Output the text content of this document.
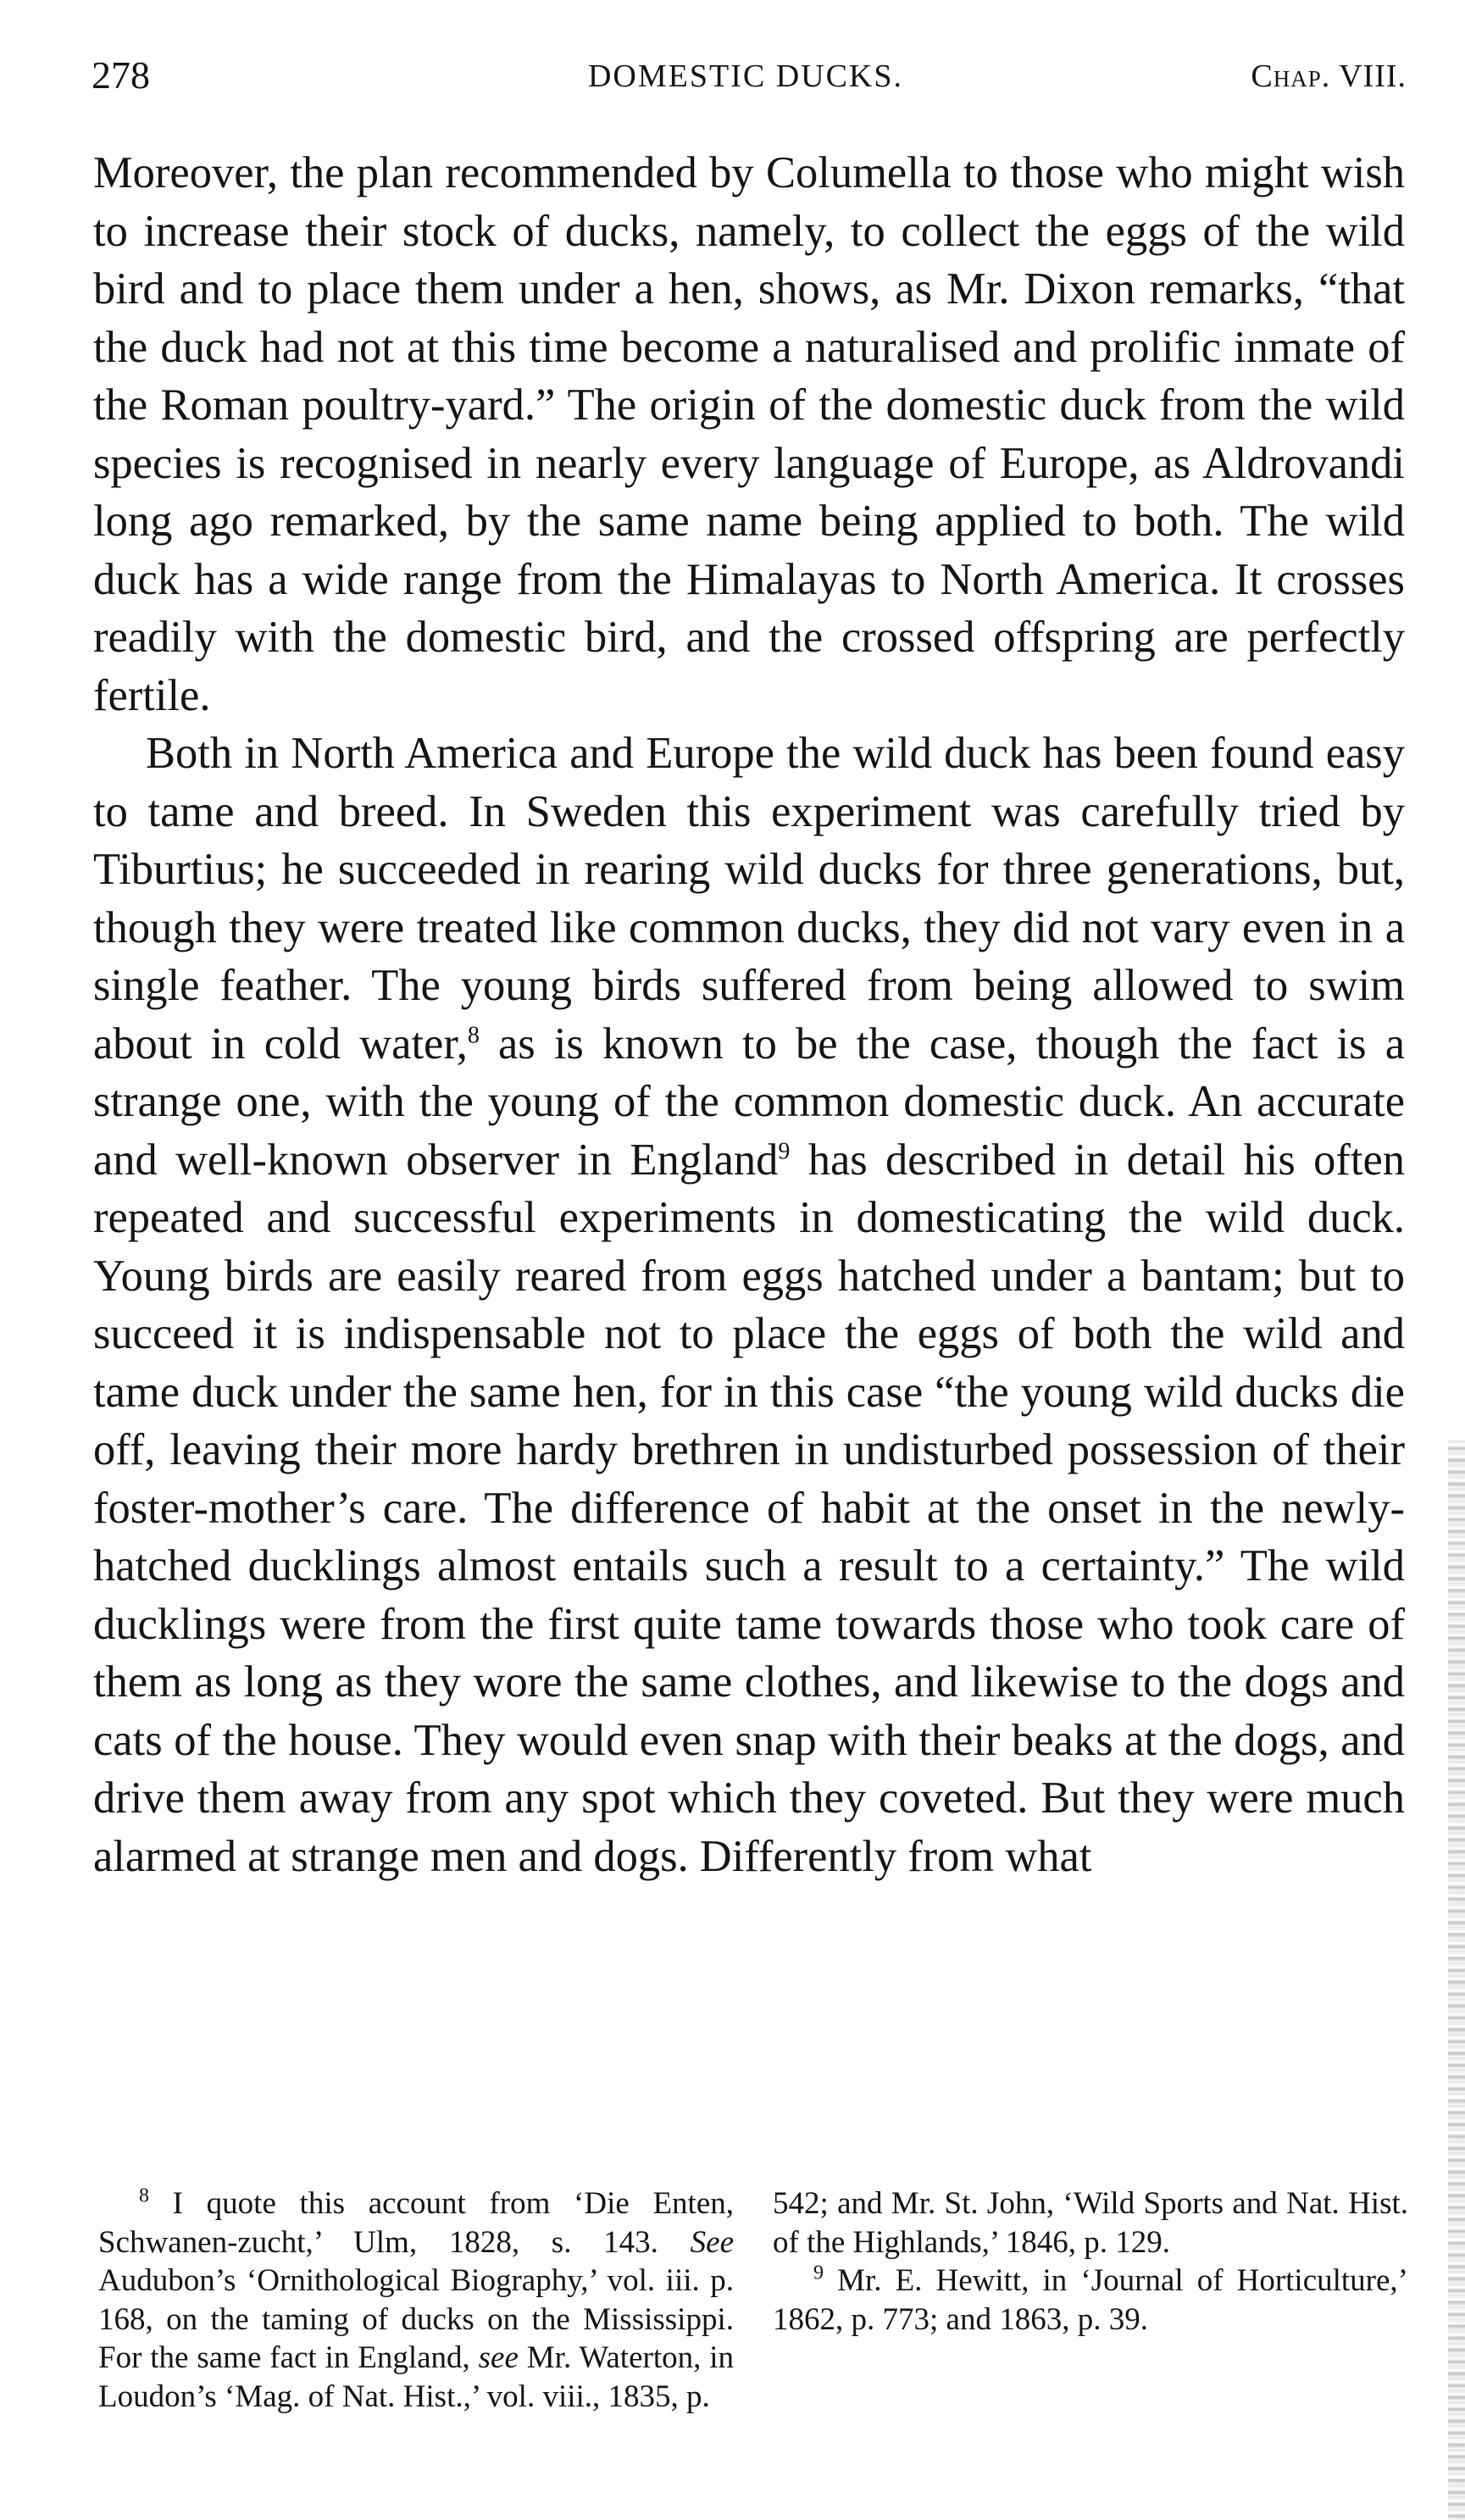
278	DOMESTIC DUCKS.	Chap. VIII.

Moreover, the plan recommended by Columella to those who might wish to increase their stock of ducks, namely, to collect the eggs of the wild bird and to place them under a hen, shows, as Mr. Dixon remarks, “that the duck had not at this time become a naturalised and prolific inmate of the Roman poultry-yard.” The origin of the domestic duck from the wild species is recognised in nearly every language of Europe, as Aldrovandi long ago remarked, by the same name being applied to both. The wild duck has a wide range from the Himalayas to North America. It crosses readily with the domestic bird, and the crossed offspring are perfectly fertile.

Both in North America and Europe the wild duck has been found easy to tame and breed. In Sweden this experiment was carefully tried by Tiburtius; he succeeded in rearing wild ducks for three generations, but, though they were treated like common ducks, they did not vary even in a single feather. The young birds suffered from being allowed to swim about in cold water,$^8$ as is known to be the case, though the fact is a strange one, with the young of the common domestic duck. An accurate and well-known observer in England$^9$ has described in detail his often repeated and successful experiments in domesticating the wild duck. Young birds are easily reared from eggs hatched under a bantam; but to succeed it is indispensable not to place the eggs of both the wild and tame duck under the same hen, for in this case “the young wild ducks die off, leaving their more hardy brethren in undisturbed possession of their foster-mother’s care. The difference of habit at the onset in the newly-hatched ducklings almost entails such a result to a certainty.” The wild ducklings were from the first quite tame towards those who took care of them as long as they wore the same clothes, and likewise to the dogs and cats of the house. They would even snap with their beaks at the dogs, and drive them away from any spot which they coveted. But they were much alarmed at strange men and dogs. Differently from what

$^8$ I quote this account from ‘Die Enten, Schwanen-zucht,’ Ulm, 1828, s. 143. See Audubon’s ‘Ornithological Biography,’ vol. iii. p. 168, on the taming of ducks on the Mississippi. For the same fact in England, see Mr. Waterton, in Loudon’s ‘Mag. of Nat. Hist.,’ vol. viii., 1835, p.

542; and Mr. St. John, ‘Wild Sports and Nat. Hist. of the Highlands,’ 1846, p. 129.

$^9$ Mr. E. Hewitt, in ‘Journal of Horticulture,’ 1862, p. 773; and 1863, p. 39.
